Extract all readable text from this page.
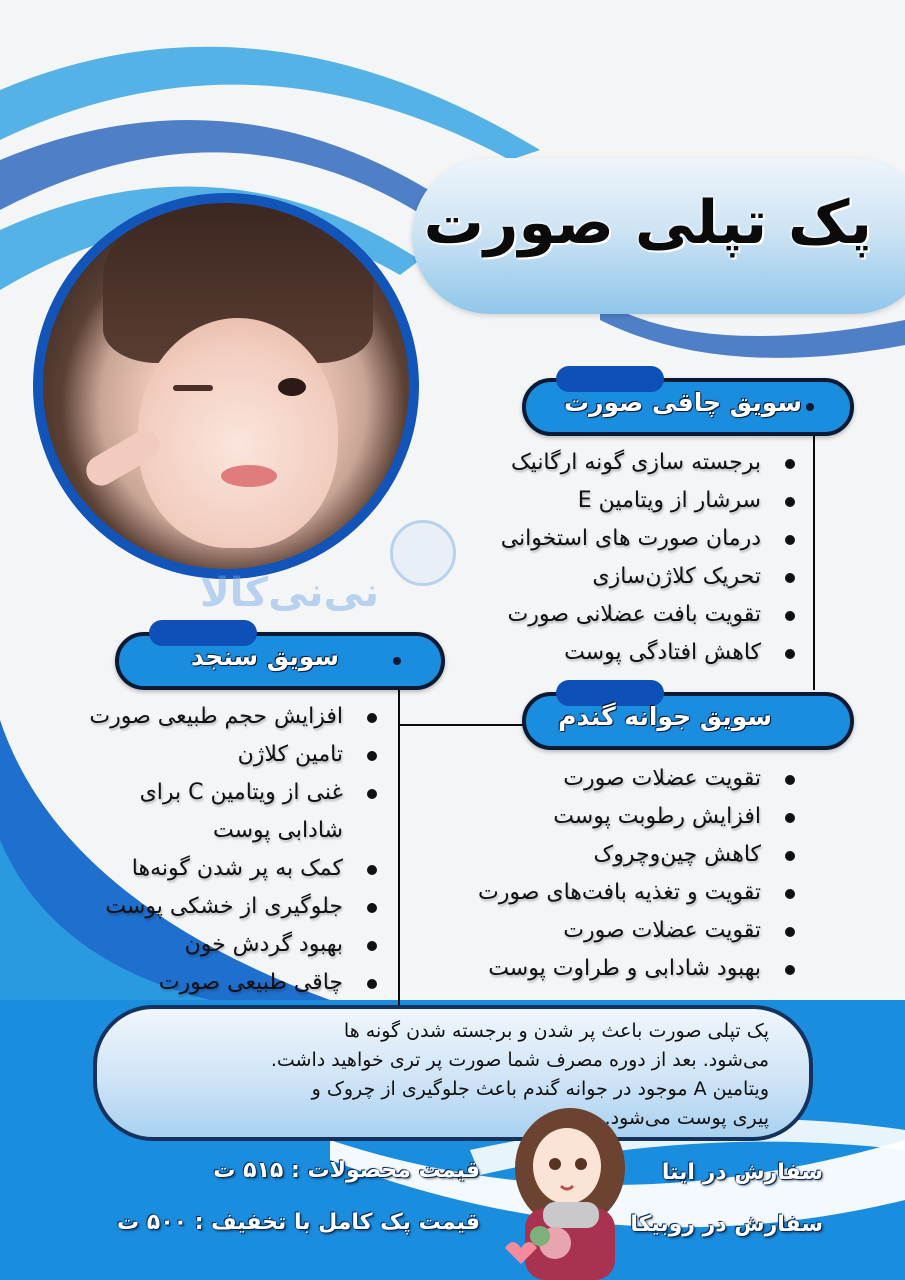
پک تپلی صورت
نی‌نی‌کالا
سویق چاقی صورت
برجسته سازی گونه ارگانیک
سرشار از ویتامین E
درمان صورت های استخوانی
تحریک کلاژن‌سازی
تقویت بافت عضلانی صورت
کاهش افتادگی پوست
سویق سنجد
افزایش حجم طبیعی صورت
تامین کلاژن
غنی از ویتامین C برای
شادابی پوست
کمک به پر شدن گونه‌ها
جلوگیری از خشکی پوست
بهبود گردش خون
چاقی طبیعی صورت
سویق جوانه گندم
تقویت عضلات صورت
افزایش رطوبت پوست
کاهش چین‌وچروک
تقویت و تغذیه بافت‌های صورت
تقویت عضلات صورت
بهبود شادابی و طراوت پوست
پک تپلی صورت باعث پر شدن و برجسته شدن گونه ها
می‌شود. بعد از دوره مصرف شما صورت پر تری خواهید داشت.
ویتامین A موجود در جوانه گندم باعث جلوگیری از چروک و
پیری پوست می‌شود.
سفارش در ایتا
سفارش در روبیکا
قیمت محصولات : ۵۱۵ ت
قیمت پک کامل با تخفیف : ۵۰۰ ت
